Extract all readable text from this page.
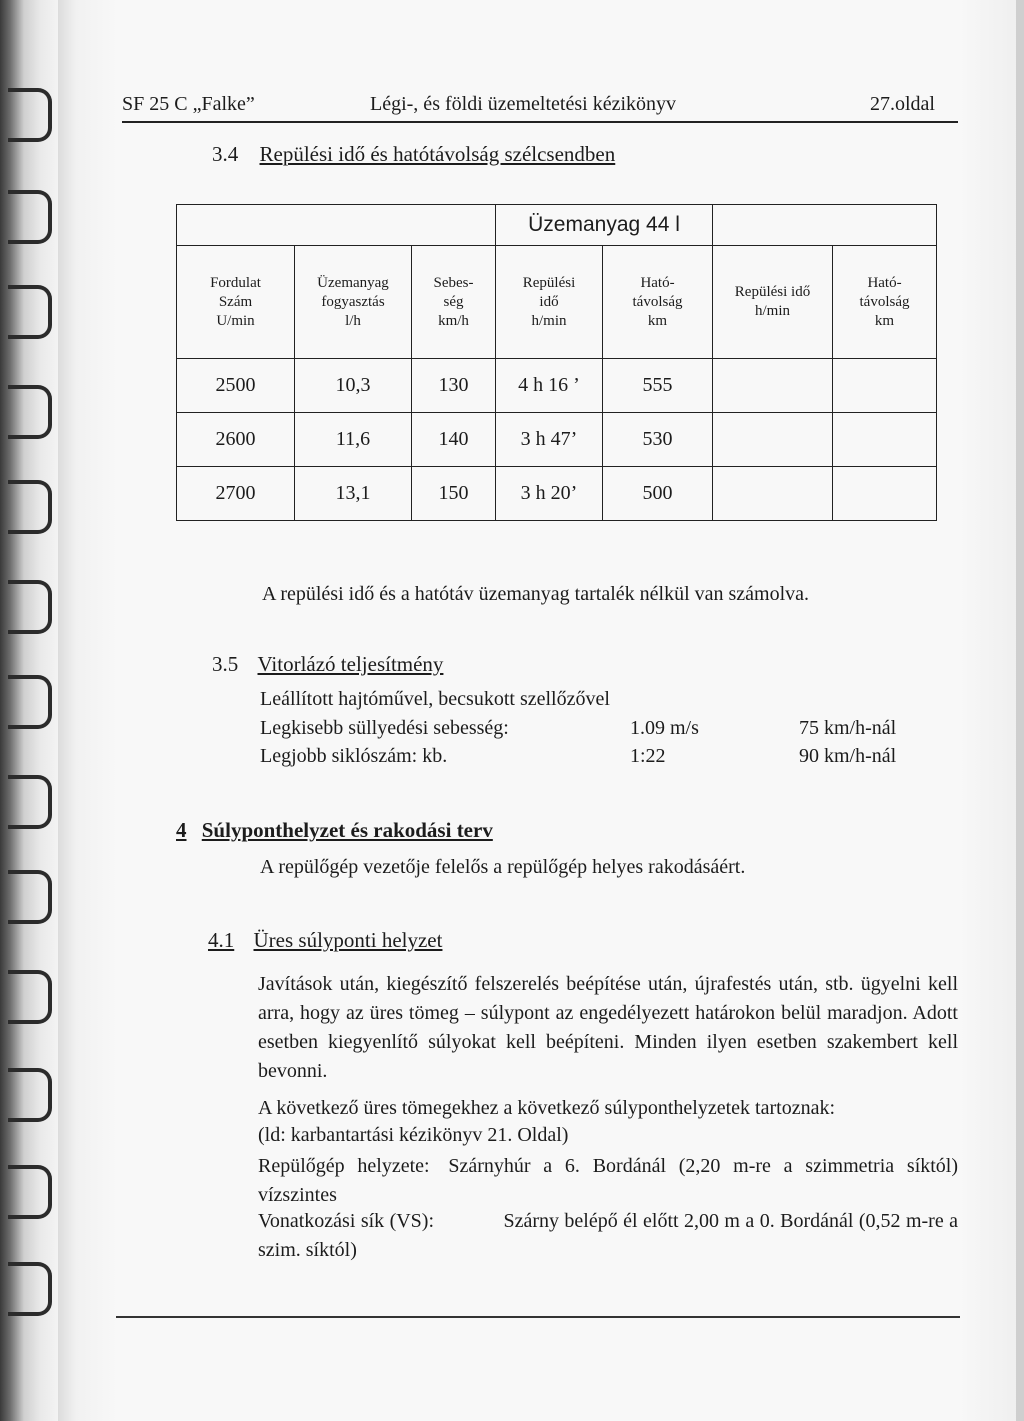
SF 25 C „Falke”	Légi-, és földi üzemeltetési kézikönyv	27.oldal
3.4 Repülési idő és hatótávolság szélcsendben
			Üzemanyag 44 l			

Fordulat
Szám
U/min	Üzemanyag
fogyasztás
l/h	Sebes-
ség
km/h	Repülési
idő
h/min	Ható-
távolság
km	Repülési idő
h/min	Ható-
távolság
km

2500	10,3	130	4 h 16 ’	555		
2600	11,6	140	3 h 47’	530		
2700	13,1	150	3 h 20’	500		
A repülési idő és a hatótáv üzemanyag tartalék nélkül van számolva.
3.5 Vitorlázó teljesítmény
Leállított hajtóművel, becsukott szellőzővel
Legkisebb süllyedési sebesség:	1.09 m/s	75 km/h-nál
Legjobb siklószám: kb.	1:22	90 km/h-nál
4 Súlyponthelyzet és rakodási terv
A repülőgép vezetője felelős a repülőgép helyes rakodásáért.
4.1 Üres súlyponti helyzet
Javítások után, kiegészítő felszerelés beépítése után, újrafestés után, stb. ügyelni kell arra, hogy az üres tömeg – súlypont az engedélyezett határokon belül maradjon. Adott esetben kiegyenlítő súlyokat kell beépíteni. Minden ilyen esetben szakembert kell bevonni.
A következő üres tömegekhez a következő súlyponthelyzetek tartoznak:
(ld: karbantartási kézikönyv 21. Oldal)
Repülőgép helyzete: Szárnyhúr a 6. Bordánál (2,20 m-re a szimmetria síktól) vízszintes
Vonatkozási sík (VS):	Szárny belépő él előtt 2,00 m a 0. Bordánál (0,52 m-re a szim. síktól)
